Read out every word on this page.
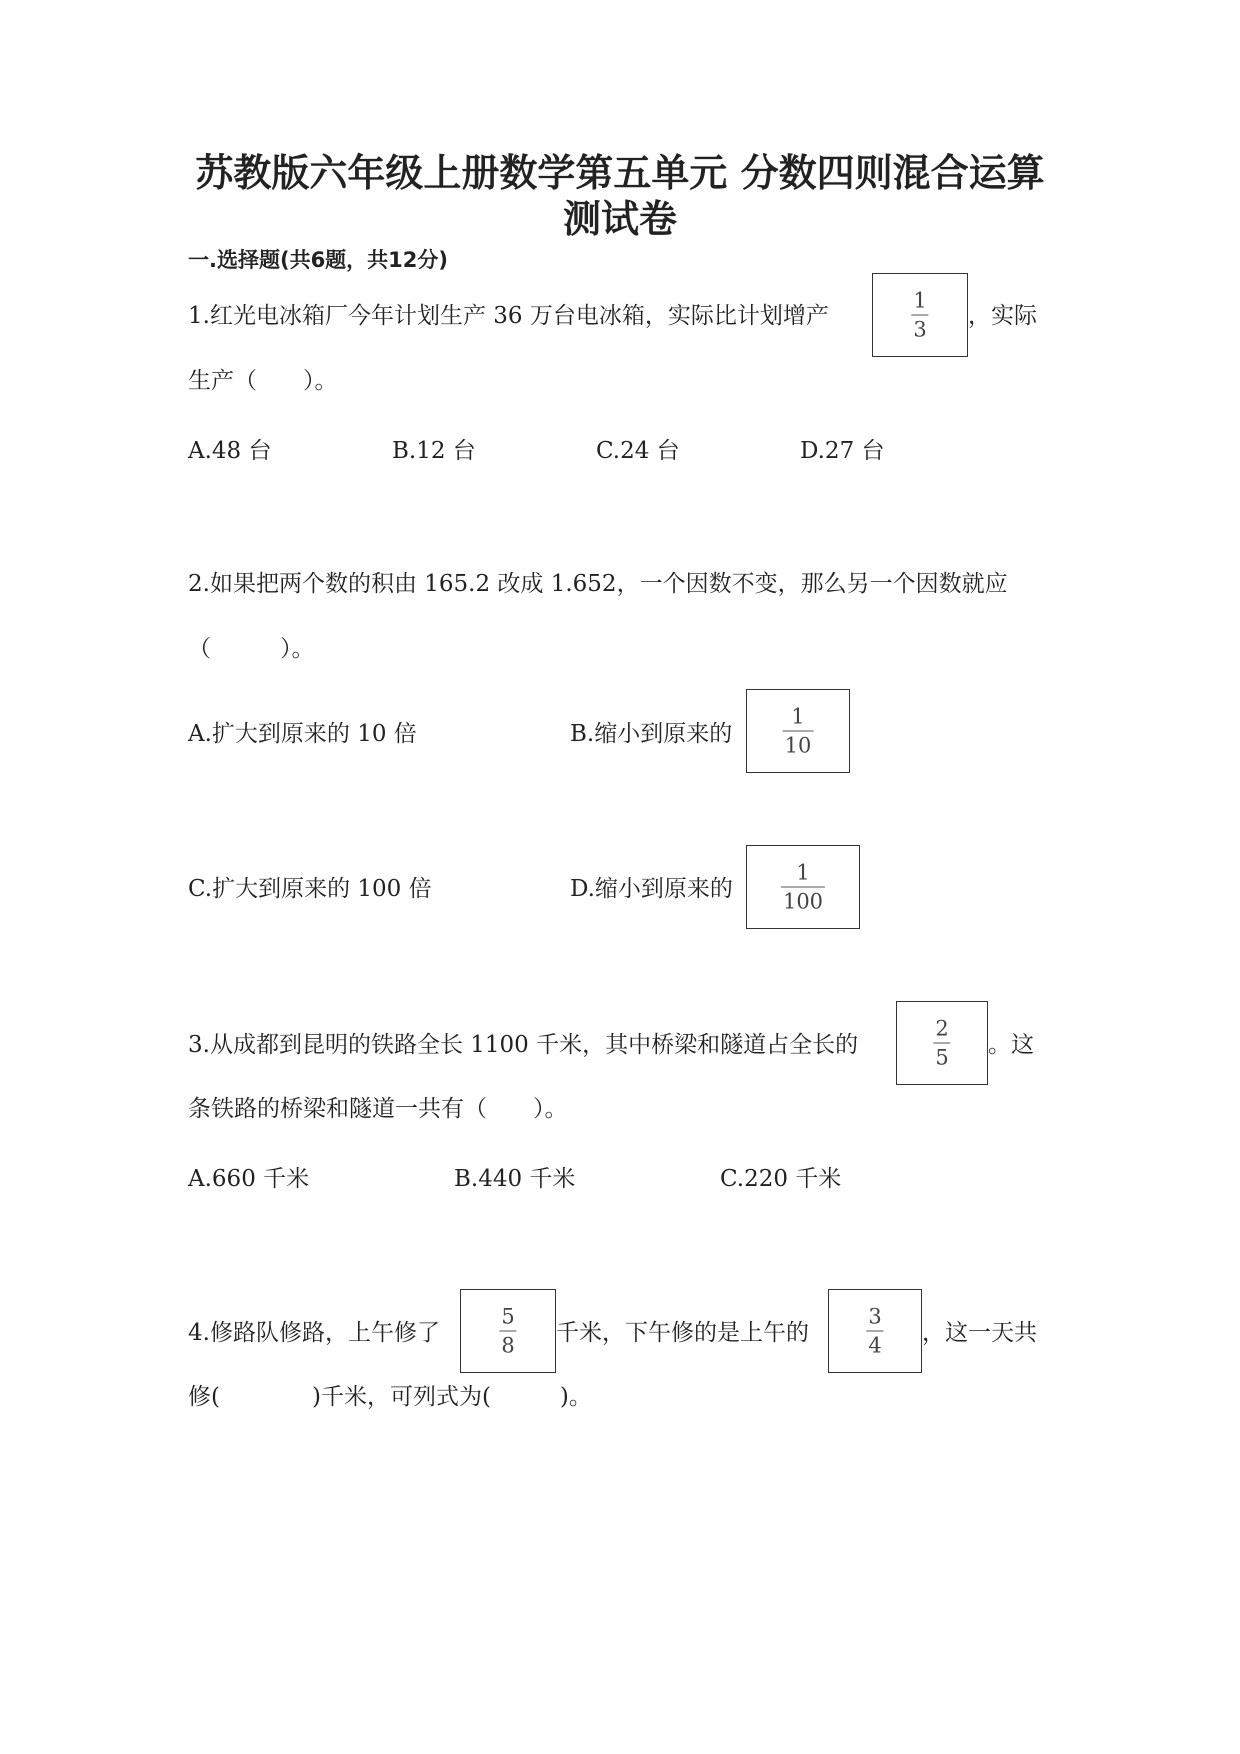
苏教版六年级上册数学第五单元 分数四则混合运算
测试卷
一.选择题(共6题，共12分)
1.红光电冰箱厂今年计划生产 36 万台电冰箱，实际比计划增产
1
3
，实际
生产（　　）。
A.48 台	B.12 台	C.24 台	D.27 台
2.如果把两个数的积由 165.2 改成 1.652，一个因数不变，那么另一个因数就应
（　　　）。
A.扩大到原来的 10 倍	B.缩小到原来的
1
10
C.扩大到原来的 100 倍	D.缩小到原来的
1
100
3.从成都到昆明的铁路全长 1100 千米，其中桥梁和隧道占全长的
2
5 。这
条铁路的桥梁和隧道一共有（　　）。
A.660 千米	B.440 千米	C.220 千米
4.修路队修路，上午修了
5
8 千米，下午修的是上午的
3
4 ，这一天共
修(　　　　)千米，可列式为(　　　)。
